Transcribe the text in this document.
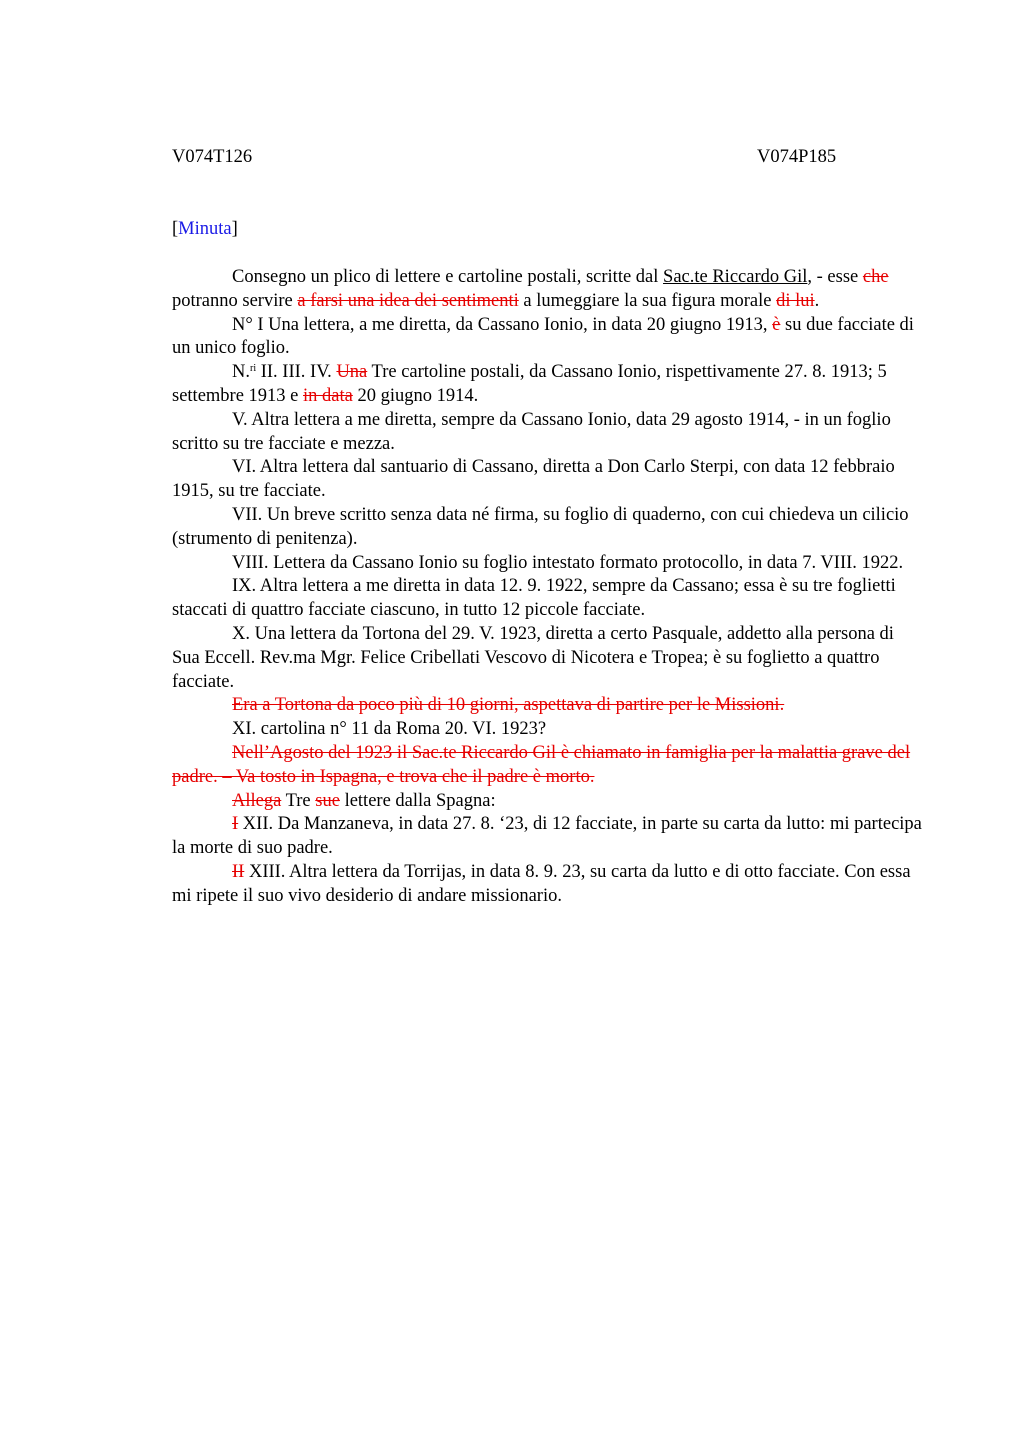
V074T126	V074P185
[Minuta]

Consegno un plico di lettere e cartoline postali, scritte dal Sac.te Riccardo Gil, - esse che potranno servire a farsi una idea dei sentimenti a lumeggiare la sua figura morale di lui.

N° I Una lettera, a me diretta, da Cassano Ionio, in data 20 giugno 1913, è su due facciate di un unico foglio.

N.$^{ri}$ II. III. IV. Una Tre cartoline postali, da Cassano Ionio, rispettivamente 27. 8. 1913; 5 settembre 1913 e in data 20 giugno 1914.

V. Altra lettera a me diretta, sempre da Cassano Ionio, data 29 agosto 1914, - in un foglio scritto su tre facciate e mezza.

VI. Altra lettera dal santuario di Cassano, diretta a Don Carlo Sterpi, con data 12 febbraio 1915, su tre facciate.

VII. Un breve scritto senza data né firma, su foglio di quaderno, con cui chiedeva un cilicio (strumento di penitenza).

VIII. Lettera da Cassano Ionio su foglio intestato formato protocollo, in data 7. VIII. 1922.

IX. Altra lettera a me diretta in data 12. 9. 1922, sempre da Cassano; essa è su tre foglietti staccati di quattro facciate ciascuno, in tutto 12 piccole facciate.

X. Una lettera da Tortona del 29. V. 1923, diretta a certo Pasquale, addetto alla persona di Sua Eccell. Rev.ma Mgr. Felice Cribellati Vescovo di Nicotera e Tropea; è su foglietto a quattro facciate.

Era a Tortona da poco più di 10 giorni, aspettava di partire per le Missioni.

XI. cartolina n° 11 da Roma 20. VI. 1923?

Nell’Agosto del 1923 il Sac.te Riccardo Gil è chiamato in famiglia per la malattia grave del padre. – Va tosto in Ispagna, e trova che il padre è morto.

Allega Tre sue lettere dalla Spagna:

I XII. Da Manzaneva, in data 27. 8. ‘23, di 12 facciate, in parte su carta da lutto: mi partecipa la morte di suo padre.

II XIII. Altra lettera da Torrijas, in data 8. 9. 23, su carta da lutto e di otto facciate. Con essa mi ripete il suo vivo desiderio di andare missionario.
